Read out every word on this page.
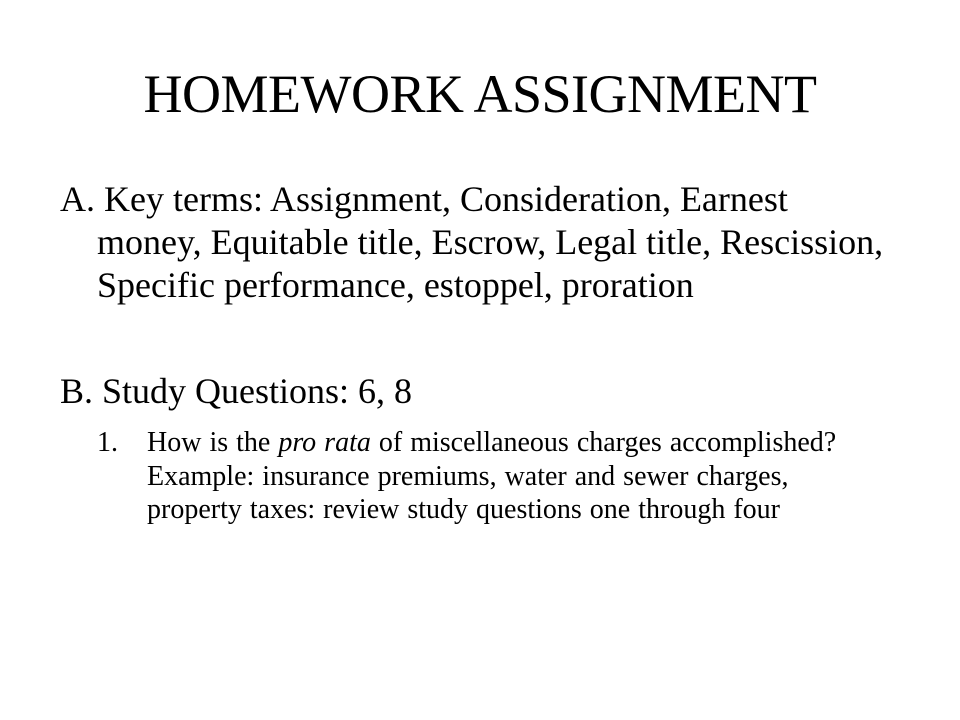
HOMEWORK ASSIGNMENT
A. Key terms: Assignment, Consideration, Earnest money, Equitable title, Escrow, Legal title, Rescission, Specific performance, estoppel, proration
B. Study Questions: 6, 8
1. How is the pro rata of miscellaneous charges accomplished? Example: insurance premiums, water and sewer charges, property taxes: review study questions one through four
